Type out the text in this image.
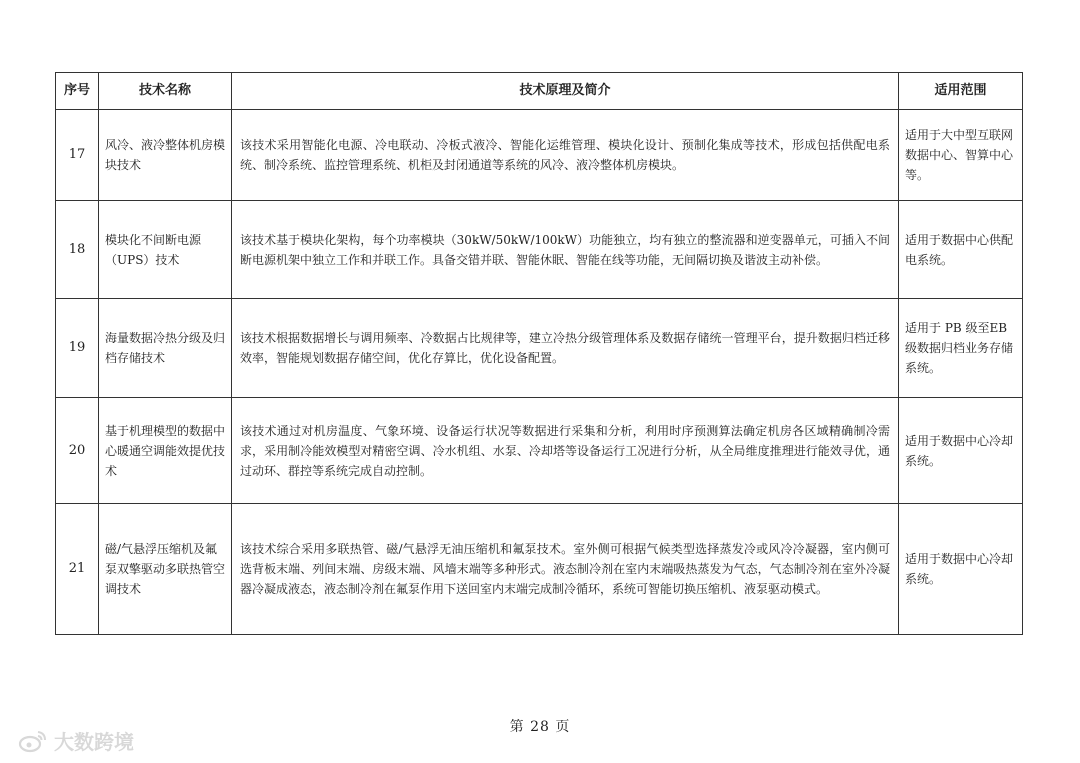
序号	技术名称	技术原理及简介	适用范围
17	风冷、液冷整体机房模块技术	该技术采用智能化电源、冷电联动、冷板式液冷、智能化运维管理、模块化设计、预制化集成等技术，形成包括供配电系统、制冷系统、监控管理系统、机柜及封闭通道等系统的风冷、液冷整体机房模块。	适用于大中型互联网数据中心、智算中心等。
18	模块化不间断电源（UPS）技术	该技术基于模块化架构，每个功率模块（30kW/50kW/100kW）功能独立，均有独立的整流器和逆变器单元，可插入不间断电源机架中独立工作和并联工作。具备交错并联、智能休眠、智能在线等功能，无间隔切换及谐波主动补偿。	适用于数据中心供配电系统。
19	海量数据冷热分级及归档存储技术	该技术根据数据增长与调用频率、冷数据占比规律等，建立冷热分级管理体系及数据存储统一管理平台，提升数据归档迁移效率，智能规划数据存储空间，优化存算比，优化设备配置。	适用于 PB 级至EB 级数据归档业务存储系统。
20	基于机理模型的数据中心暖通空调能效提优技术	该技术通过对机房温度、气象环境、设备运行状况等数据进行采集和分析，利用时序预测算法确定机房各区域精确制冷需求，采用制冷能效模型对精密空调、冷水机组、水泵、冷却塔等设备运行工况进行分析，从全局维度推理进行能效寻优，通过动环、群控等系统完成自动控制。	适用于数据中心冷却系统。
21	磁/气悬浮压缩机及氟泵双擎驱动多联热管空调技术	该技术综合采用多联热管、磁/气悬浮无油压缩机和氟泵技术。室外侧可根据气候类型选择蒸发冷或风冷冷凝器，室内侧可选背板末端、列间末端、房级末端、风墙末端等多种形式。液态制冷剂在室内末端吸热蒸发为气态，气态制冷剂在室外冷凝器冷凝成液态，液态制冷剂在氟泵作用下送回室内末端完成制冷循环，系统可智能切换压缩机、液泵驱动模式。	适用于数据中心冷却系统。
第 28 页
大数跨境
